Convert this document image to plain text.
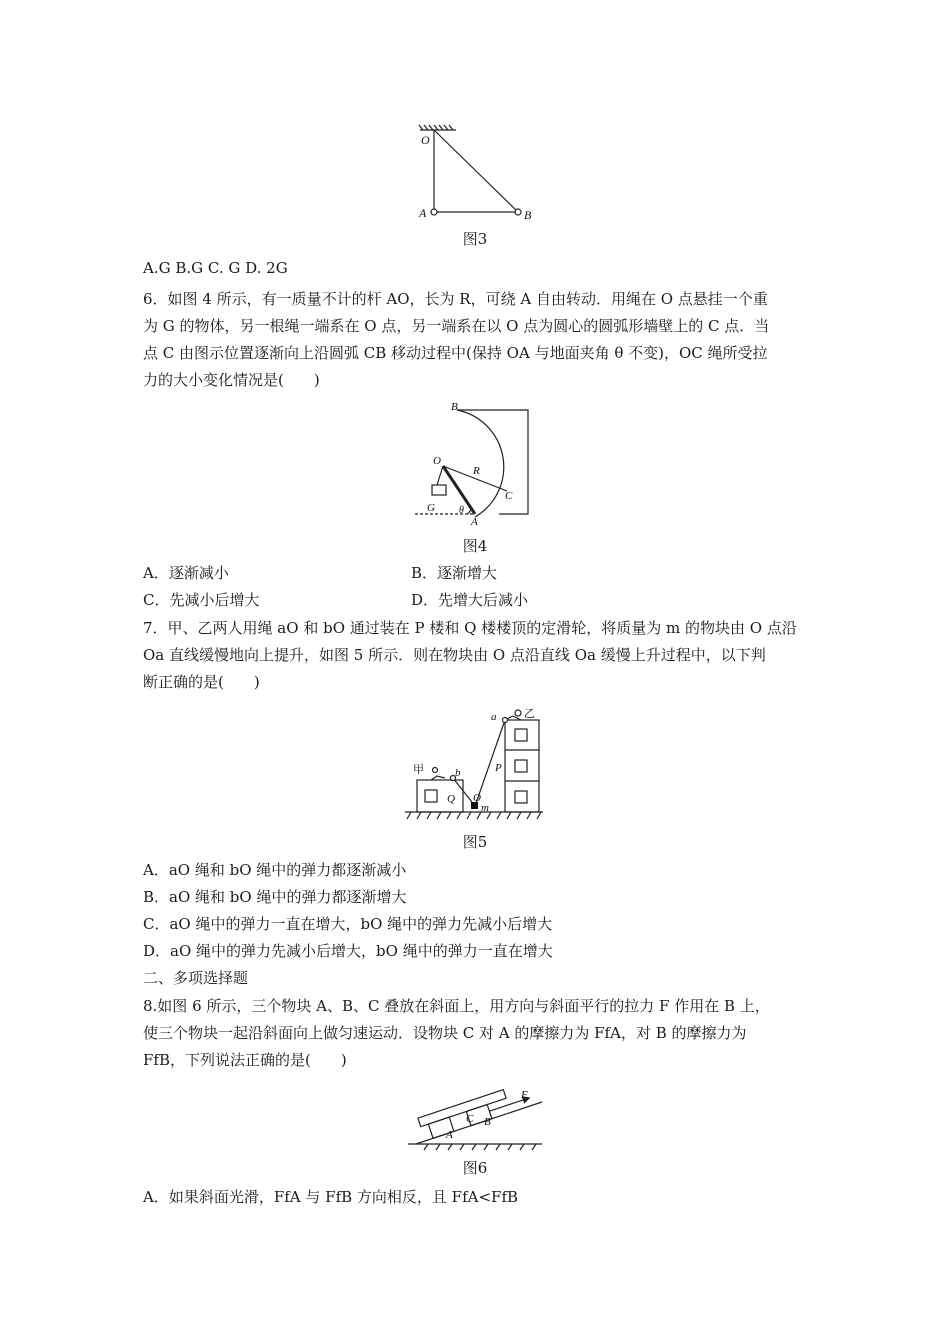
O
A	B
图3
A.G B.G C. G D. 2G
6．如图 4 所示，有一质量不计的杆 AO，长为 R，可绕 A 自由转动．用绳在 O 点悬挂一个重
为 G 的物体，另一根绳一端系在 O 点，另一端系在以 O 点为圆心的圆弧形墙壁上的 C 点．当
点 C 由图示位置逐渐向上沿圆弧 CB 移动过程中(保持 OA 与地面夹角 θ 不变)，OC 绳所受拉
力的大小变化情况是(　　)
B
O
R
C
G θ
A
图4
A．逐渐减小	B．逐渐增大
C．先减小后增大	D．先增大后减小
7．甲、乙两人用绳 aO 和 bO 通过装在 P 楼和 Q 楼楼顶的定滑轮，将质量为 m 的物块由 O 点沿
Oa 直线缓慢地向上提升，如图 5 所示．则在物块由 O 点沿直线 Oa 缓慢上升过程中，以下判
断正确的是(　　)
甲
乙
a
b	P
Q O
m
图5
A．aO 绳和 bO 绳中的弹力都逐渐减小
B．aO 绳和 bO 绳中的弹力都逐渐增大
C．aO 绳中的弹力一直在增大，bO 绳中的弹力先减小后增大
D．aO 绳中的弹力先减小后增大，bO 绳中的弹力一直在增大
二、多项选择题
8.如图 6 所示，三个物块 A、B、C 叠放在斜面上，用方向与斜面平行的拉力 F 作用在 B 上，
使三个物块一起沿斜面向上做匀速运动．设物块 C 对 A 的摩擦力为 FfA，对 B 的摩擦力为
FfB，下列说法正确的是(　　)
F
C
A
B
图6
A．如果斜面光滑，FfA 与 FfB 方向相反，且 FfA<FfB
